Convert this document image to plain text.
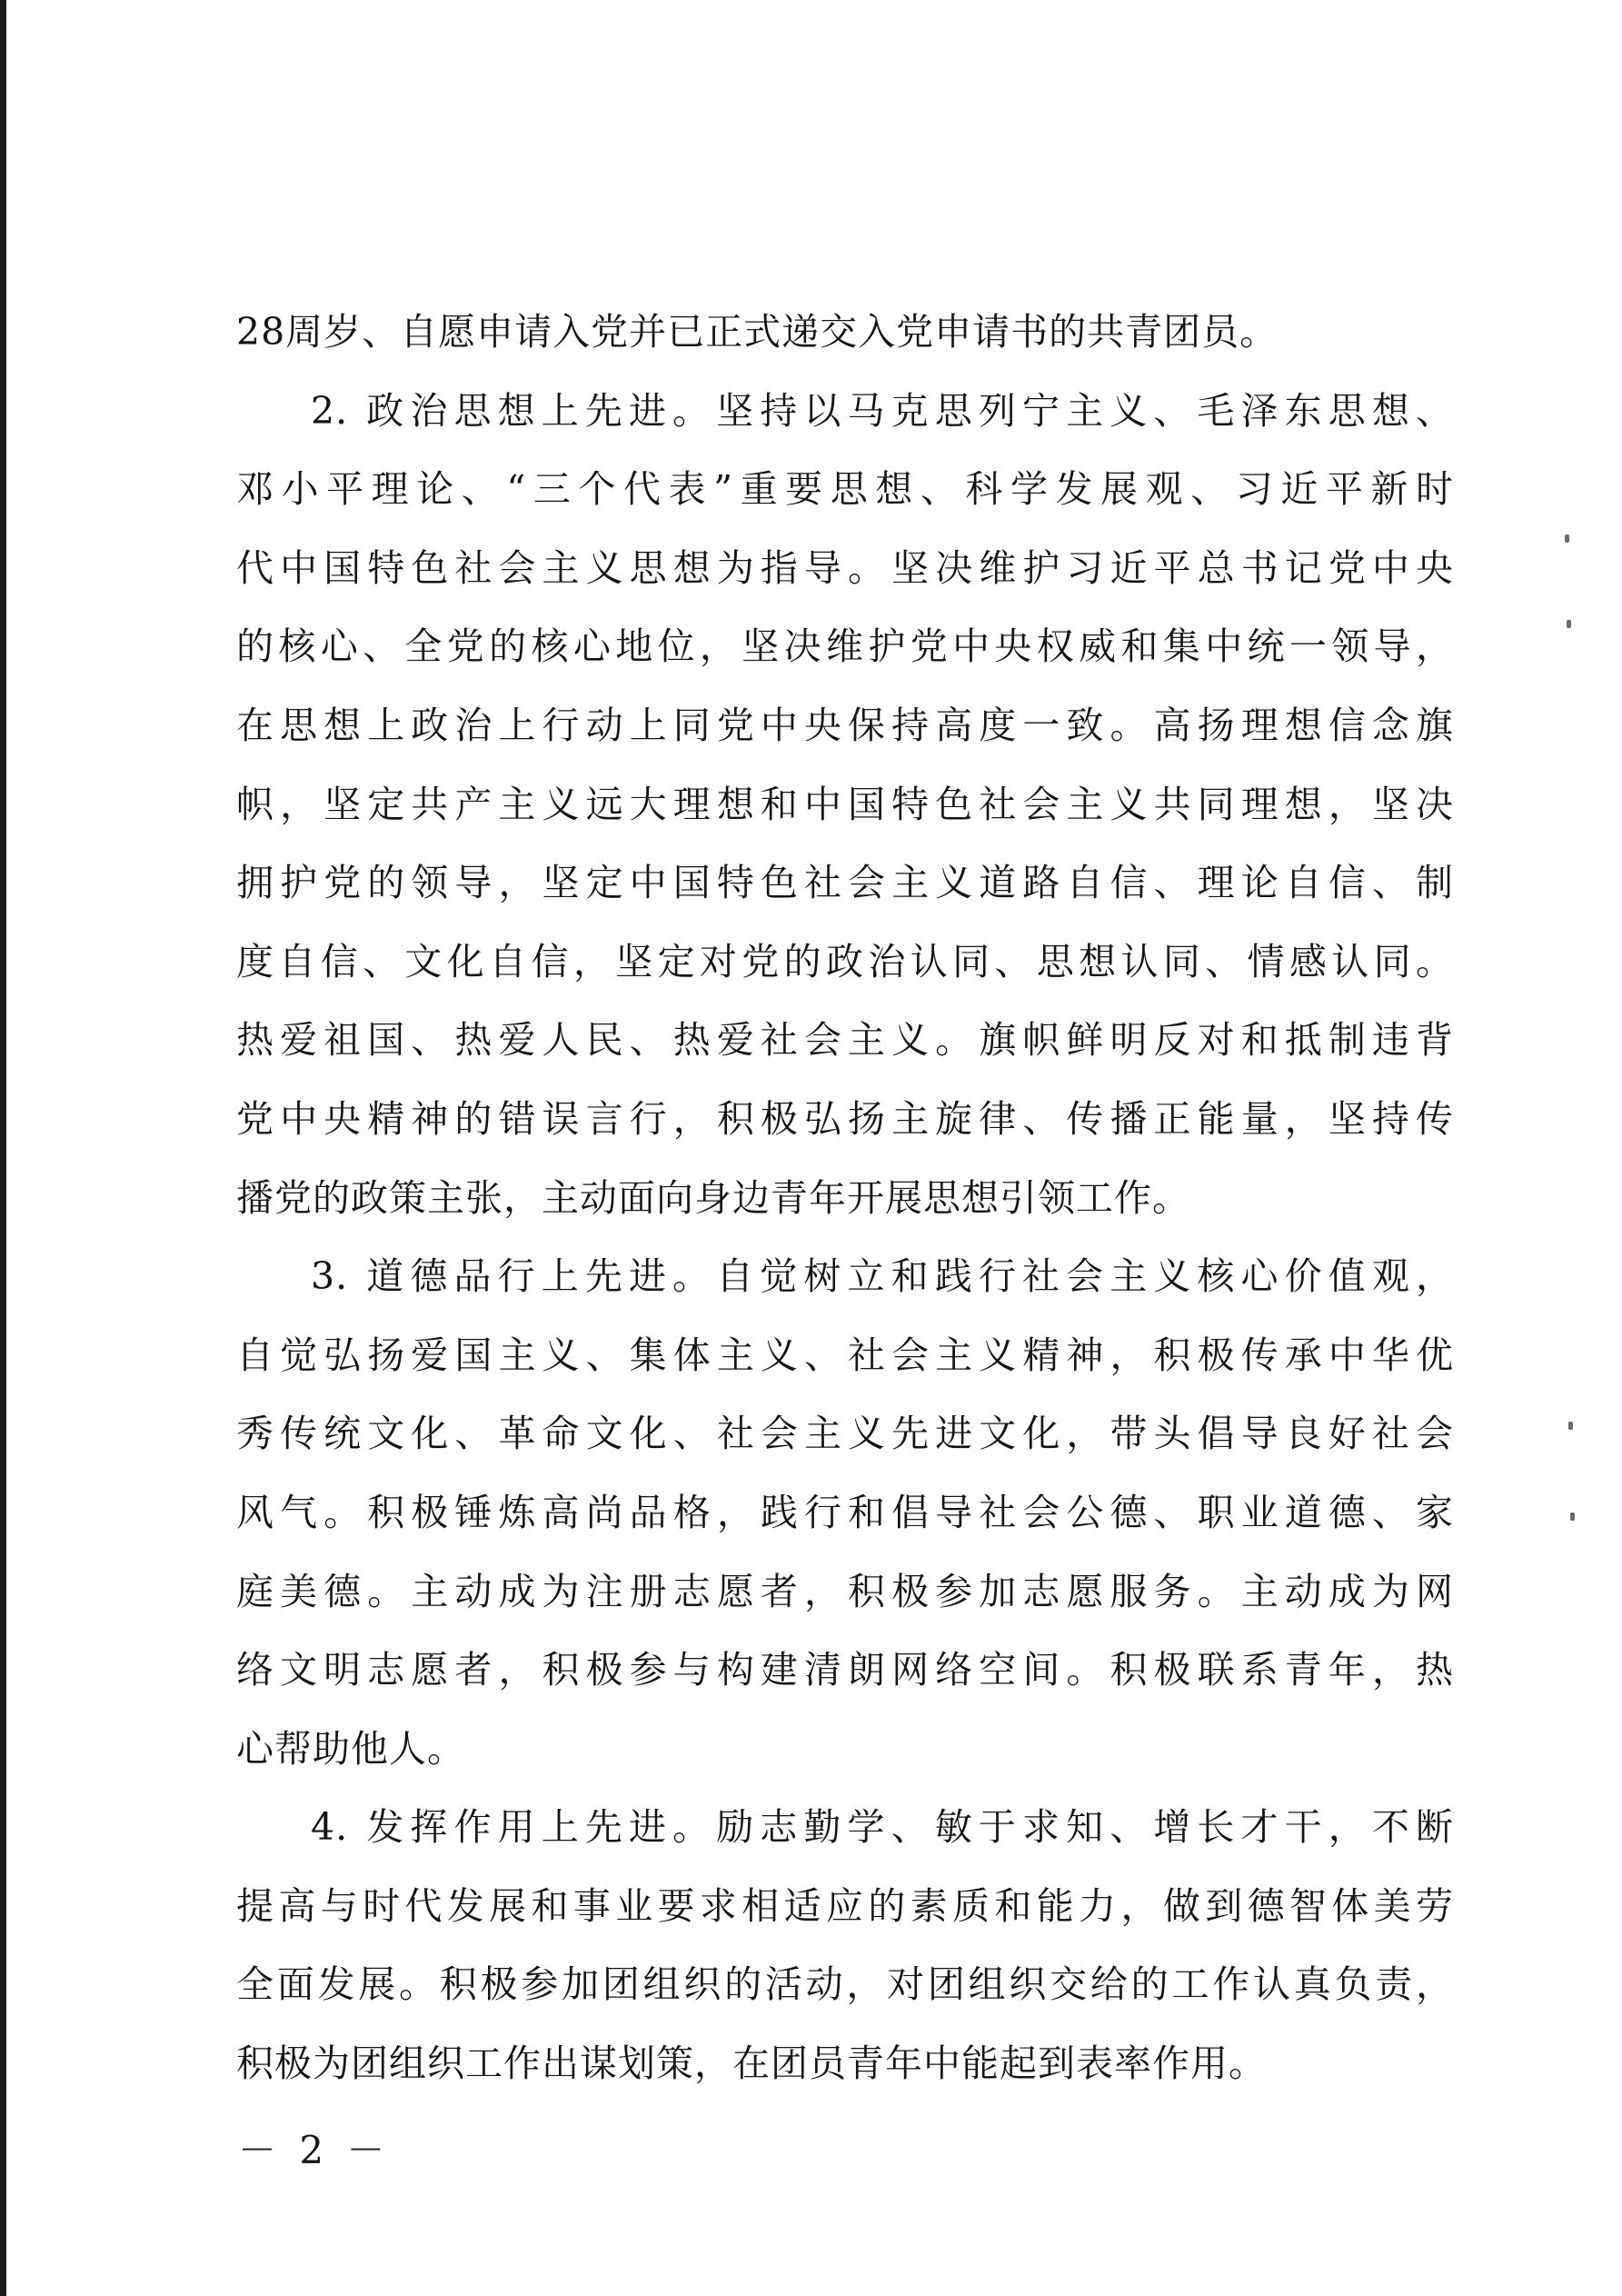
28周岁、自愿申请入党并已正式递交入党申请书的共青团员。
2. 政治思想上先进。坚持以马克思列宁主义、毛泽东思想、
邓小平理论、“三个代表”重要思想、科学发展观、习近平新时
代中国特色社会主义思想为指导。坚决维护习近平总书记党中央
的核心、全党的核心地位，坚决维护党中央权威和集中统一领导，
在思想上政治上行动上同党中央保持高度一致。高扬理想信念旗
帜，坚定共产主义远大理想和中国特色社会主义共同理想，坚决
拥护党的领导，坚定中国特色社会主义道路自信、理论自信、制
度自信、文化自信，坚定对党的政治认同、思想认同、情感认同。
热爱祖国、热爱人民、热爱社会主义。旗帜鲜明反对和抵制违背
党中央精神的错误言行，积极弘扬主旋律、传播正能量，坚持传
播党的政策主张，主动面向身边青年开展思想引领工作。
3. 道德品行上先进。自觉树立和践行社会主义核心价值观，
自觉弘扬爱国主义、集体主义、社会主义精神，积极传承中华优
秀传统文化、革命文化、社会主义先进文化，带头倡导良好社会
风气。积极锤炼高尚品格，践行和倡导社会公德、职业道德、家
庭美德。主动成为注册志愿者，积极参加志愿服务。主动成为网
络文明志愿者，积极参与构建清朗网络空间。积极联系青年，热
心帮助他人。
4. 发挥作用上先进。励志勤学、敏于求知、增长才干，不断
提高与时代发展和事业要求相适应的素质和能力，做到德智体美劳
全面发展。积极参加团组织的活动，对团组织交给的工作认真负责，
积极为团组织工作出谋划策，在团员青年中能起到表率作用。
－ 2 －
